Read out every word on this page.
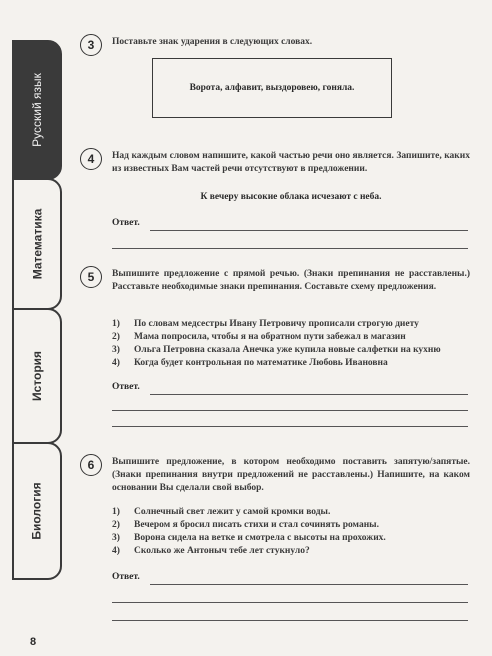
Русский язык
Математика
История
Биология
3	Поставьте знак ударения в следующих словах.
Ворота, алфавит, выздоровею, гоняла.
4	Над каждым словом напишите, какой частью речи оно является. Запишите, каких из известных Вам частей речи отсутствуют в предложении.
К вечеру высокие облака исчезают с неба.
Ответ.
5	Выпишите предложение с прямой речью. (Знаки препинания не расставлены.) Расставьте необходимые знаки препинания. Составьте схему предложения.
1)	По словам медсестры Ивану Петровичу прописали строгую диету
2)	Мама попросила, чтобы я на обратном пути забежал в магазин
3)	Ольга Петровна сказала Анечка уже купила новые салфетки на кухню
4)	Когда будет контрольная по математике Любовь Ивановна
Ответ.
6	Выпишите предложение, в котором необходимо поставить запятую/запятые. (Знаки препинания внутри предложений не расставлены.) Напишите, на каком основании Вы сделали свой выбор.
1)	Солнечный свет лежит у самой кромки воды.
2)	Вечером я бросил писать стихи и стал сочинять романы.
3)	Ворона сидела на ветке и смотрела с высоты на прохожих.
4)	Сколько же Антоныч тебе лет стукнуло?
Ответ.
8
